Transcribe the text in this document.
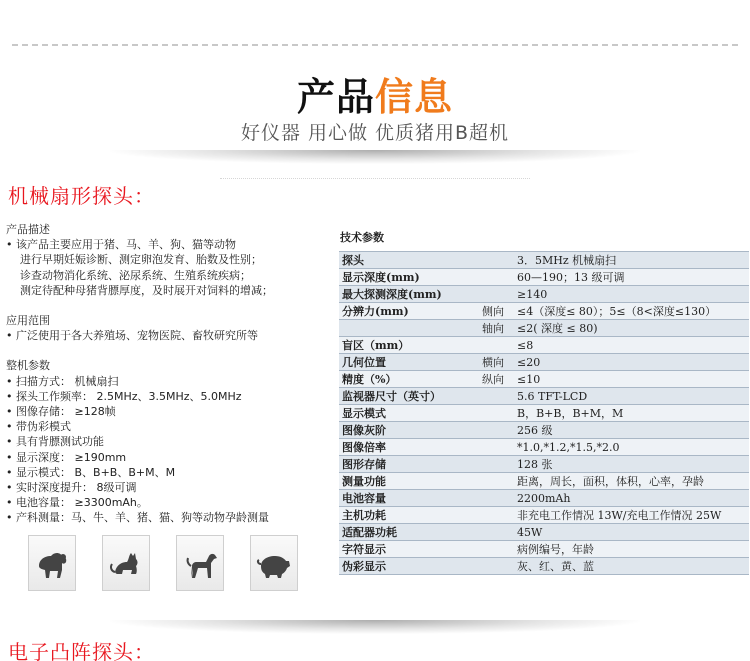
产品信息
好仪器 用心做 优质猪用B超机
机械扇形探头：
产品描述
• 该产品主要应用于猪、马、羊、狗、猫等动物
进行早期妊娠诊断、测定卵泡发育、胎数及性别；
诊查动物消化系统、泌尿系统、生殖系统疾病；
测定待配种母猪背膘厚度，及时展开对饲料的增减；
应用范围
• 广泛使用于各大养殖场、宠物医院、畜牧研究所等
整机参数
• 扫描方式： 机械扇扫
• 探头工作频率： 2.5MHz、3.5MHz、5.0MHz
• 图像存储： ≥128帧
• 带伪彩模式
• 具有背膘测试功能
• 显示深度： ≥190mm
• 显示模式： B、B+B、B+M、M
• 实时深度提升： 8级可调
• 电池容量： ≥3300mAh。
• 产科测量：马、牛、羊、猪、猫、狗等动物孕龄测量
技术参数
探头		3．5MHz 机械扇扫
显示深度(mm)		60—190；13 级可调
最大探测深度(mm)		≥140
分辨力(mm)	侧向	≤4（深度≤ 80）；5≤（8<深度≤130）
	轴向	≤2( 深度 ≤ 80)
盲区（mm）		≤8
几何位置	横向	≤20
精度（%）	纵向	≤10
监视器尺寸（英寸）		5.6 TFT-LCD
显示模式		B，B+B，B+M，M
图像灰阶		256 级
图像倍率		*1.0,*1.2,*1.5,*2.0
图形存储		128 张
测量功能		距离，周长，面积，体积，心率，孕龄
电池容量		2200mAh
主机功耗		非充电工作情况 13W/充电工作情况 25W
适配器功耗		45W
字符显示		病例编号，年龄
伪彩显示		灰、红、黄、蓝
电子凸阵探头：
